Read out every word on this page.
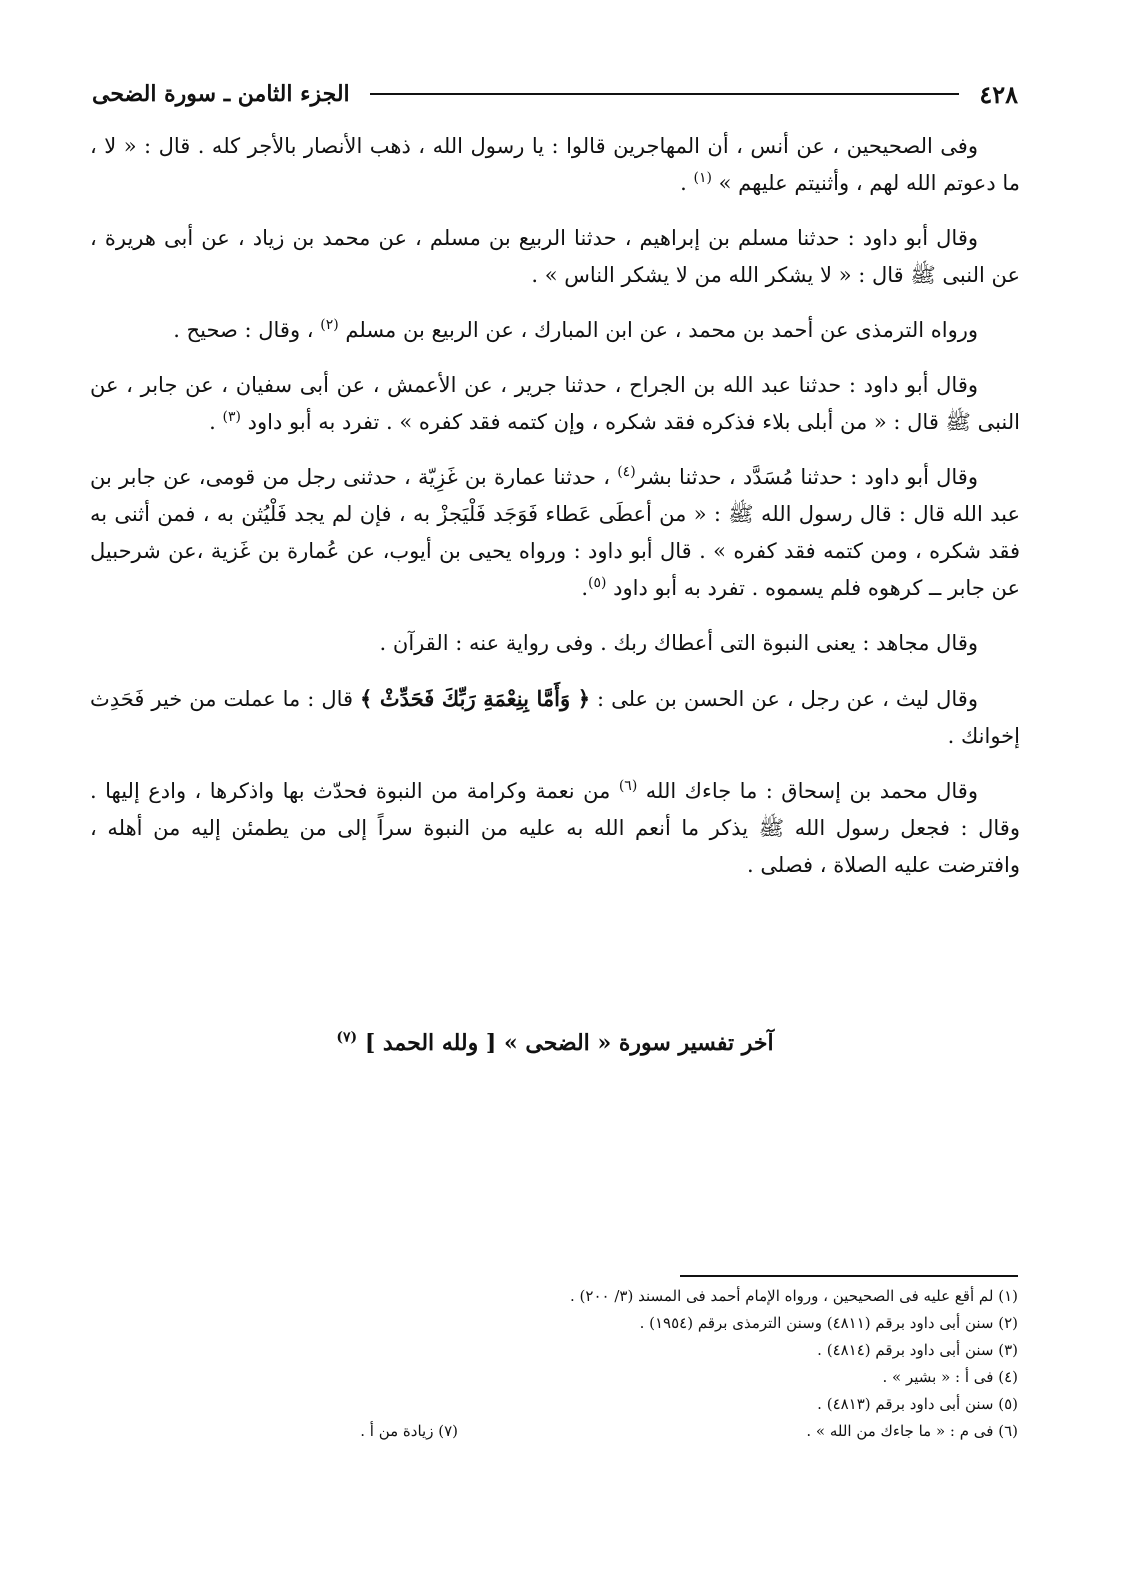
٤٢٨
الجزء الثامن ـ سورة الضحى

وفى الصحيحين ، عن أنس ، أن المهاجرين قالوا : يا رسول الله ، ذهب الأنصار بالأجر كله . قال : « لا ، ما دعوتم الله لهم ، وأثنيتم عليهم » $^{(١)}$ .

وقال أبو داود : حدثنا مسلم بن إبراهيم ، حدثنا الربيع بن مسلم ، عن محمد بن زياد ، عن أبى هريرة ، عن النبى ﷺ قال : « لا يشكر الله من لا يشكر الناس » .

ورواه الترمذى عن أحمد بن محمد ، عن ابن المبارك ، عن الربيع بن مسلم $^{(٢)}$ ، وقال : صحيح .

وقال أبو داود : حدثنا عبد الله بن الجراح ، حدثنا جرير ، عن الأعمش ، عن أبى سفيان ، عن جابر ، عن النبى ﷺ قال : « من أبلى بلاء فذكره فقد شكره ، وإن كتمه فقد كفره » . تفرد به أبو داود $^{(٣)}$ .

وقال أبو داود : حدثنا مُسَدَّد ، حدثنا بشر$^{(٤)}$ ، حدثنا عمارة بن غَزِيّة ، حدثنى رجل من قومى، عن جابر بن عبد الله قال : قال رسول الله ﷺ : « من أعطَى عَطاء فَوَجَد فَلْيَجزْ به ، فإن لم يجد فَلْيُثن به ، فمن أثنى به فقد شكره ، ومن كتمه فقد كفره » . قال أبو داود : ورواه يحيى بن أيوب، عن عُمارة بن غَزية ،عن شرحبيل عن جابر ــ كرهوه فلم يسموه . تفرد به أبو داود $^{(٥)}$.

وقال مجاهد : يعنى النبوة التى أعطاك ربك . وفى رواية عنه : القرآن .

وقال ليث ، عن رجل ، عن الحسن بن على : ﴿ وَأَمَّا بِنِعْمَةِ رَبِّكَ فَحَدِّثْ ﴾ قال : ما عملت من خير فَحَدِث إخوانك .

وقال محمد بن إسحاق : ما جاءك الله $^{(٦)}$ من نعمة وكرامة من النبوة فحدّث بها واذكرها ، وادع إليها . وقال : فجعل رسول الله ﷺ يذكر ما أنعم الله به عليه من النبوة سراً إلى من يطمئن إليه من أهله ، وافترضت عليه الصلاة ، فصلى .

آخر تفسير سورة « الضحى » [ ولله الحمد ] $^{(٧)}$
(١) لم أقع عليه فى الصحيحين ، ورواه الإمام أحمد فى المسند (٣/ ٢٠٠) .
(٢) سنن أبى داود برقم (٤٨١١) وسنن الترمذى برقم (١٩٥٤) .
(٣) سنن أبى داود برقم (٤٨١٤) .
(٤) فى أ : « بشير » .
(٥) سنن أبى داود برقم (٤٨١٣) .
(٦) فى م : « ما جاءك من الله » .
(٧) زيادة من أ .
